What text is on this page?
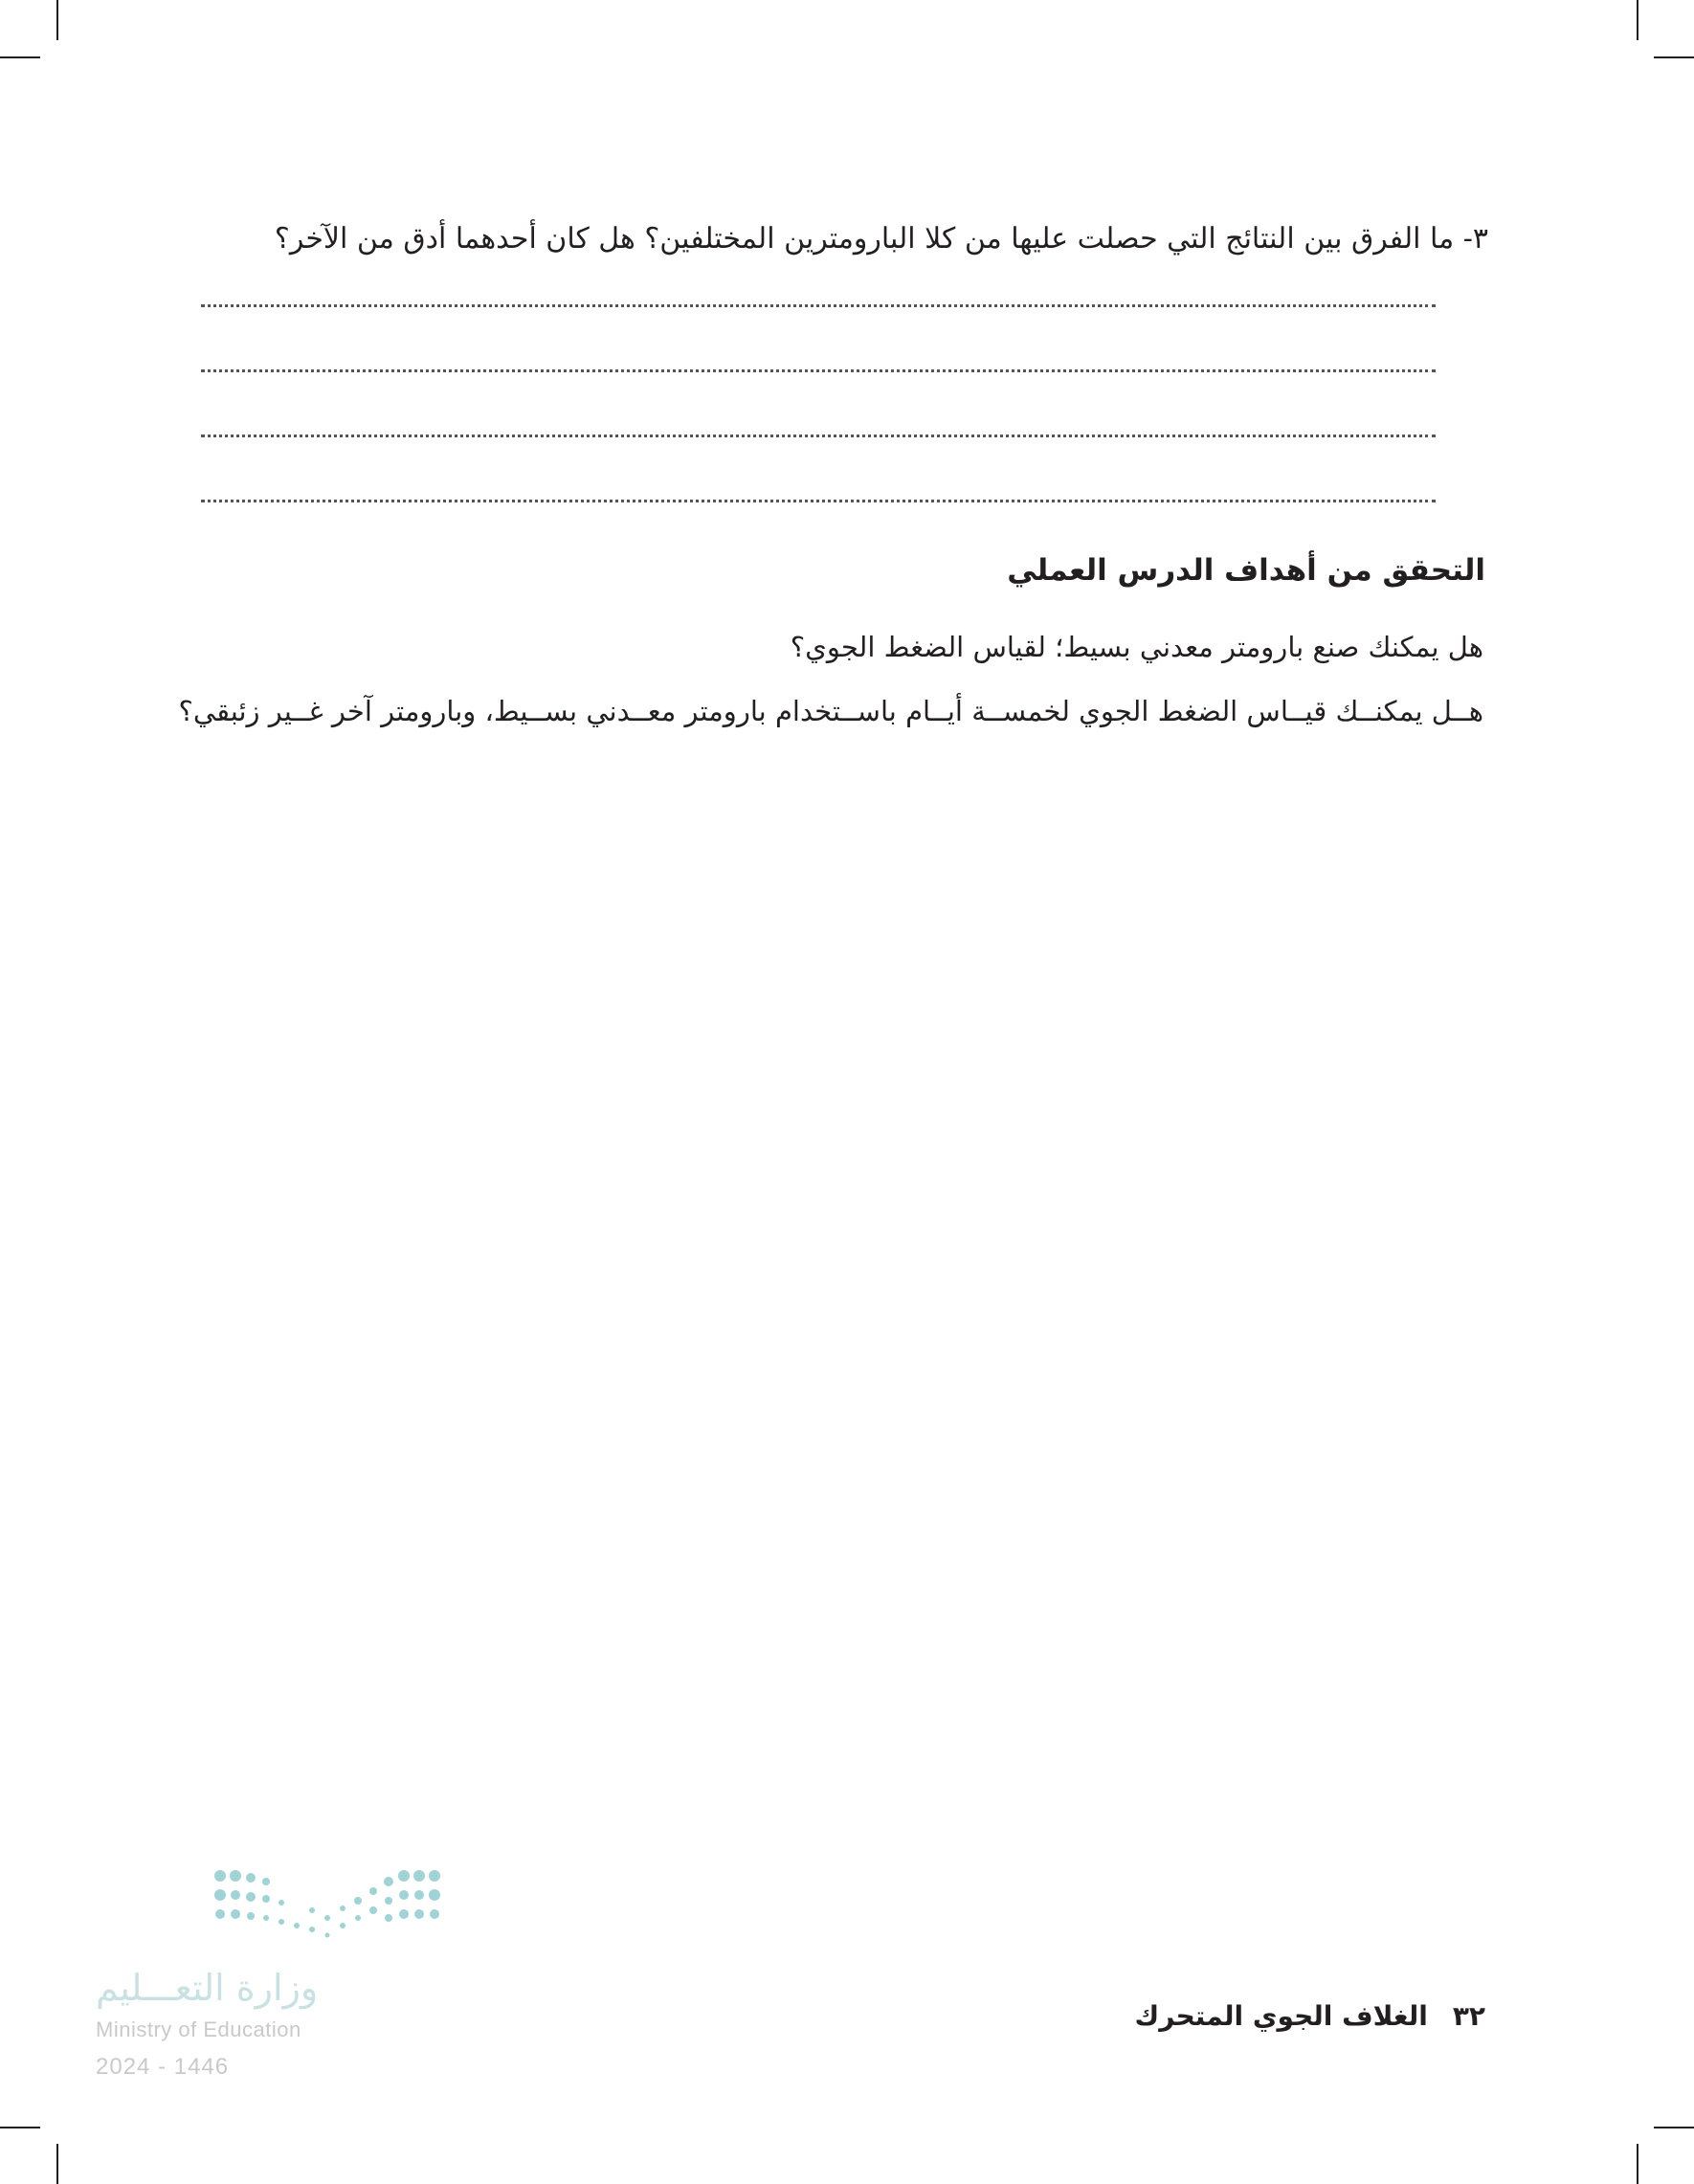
٣- ما الفرق بين النتائج التي حصلت عليها من كلا البارومترين المختلفين؟ هل كان أحدهما أدق من الآخر؟
التحقق من أهداف الدرس العملي
هل يمكنك صنع بارومتر معدني بسيط؛ لقياس الضغط الجوي؟
هــل يمكنــك قيــاس الضغط الجوي لخمســة أيــام باســتخدام بارومتر معــدني بســيط، وبارومتر آخر غــير زئبقي؟
وزارة التعـــليم
Ministry of Education
2024 - 1446
٣٢
الغلاف الجوي المتحرك
